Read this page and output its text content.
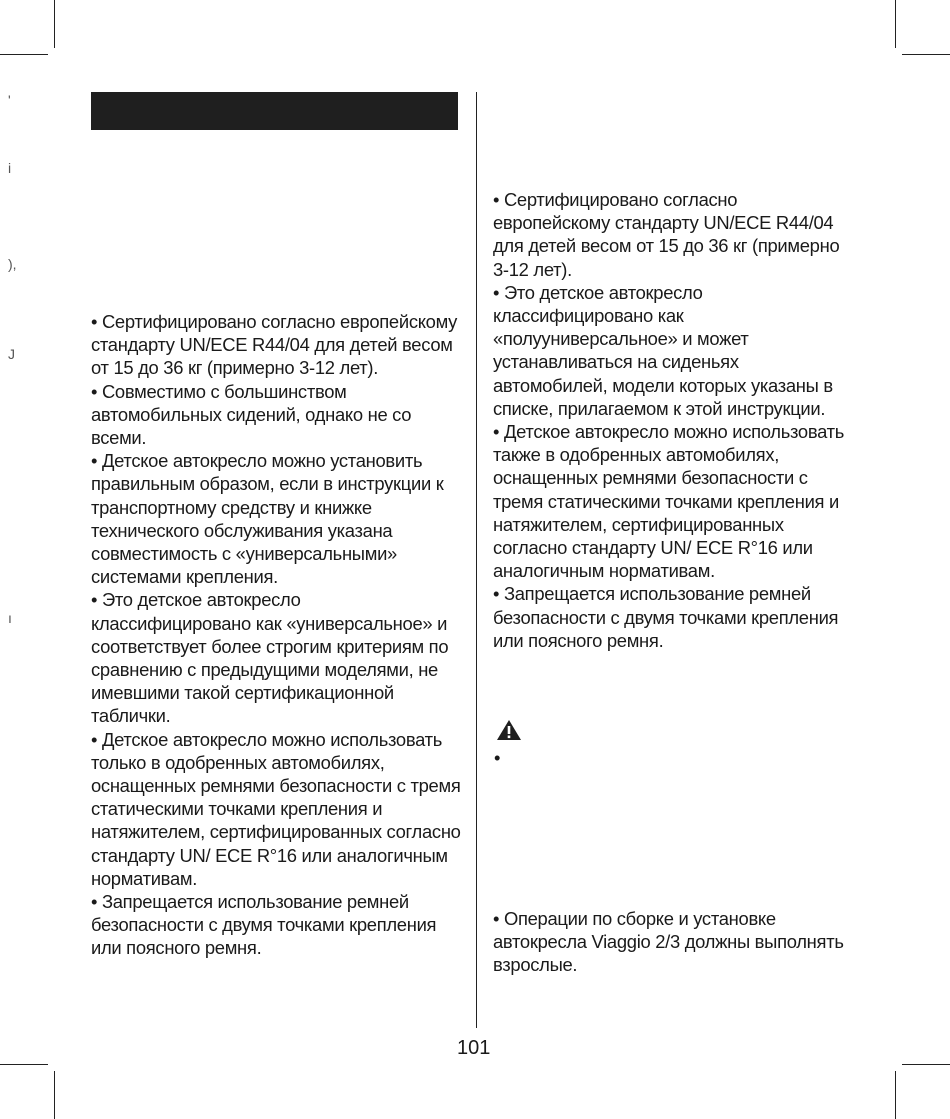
'
i
),
J
ı

• Сертифицировано согласно европейскому стандарту UN/ECE R44/04 для детей весом от 15 до 36 кг (примерно 3-12 лет).

• Совместимо с большинством автомобильных сидений, однако не со всеми.

• Детское автокресло можно установить правильным образом, если в инструкции к транспортному средству и книжке технического обслуживания указана совместимость с «универсальными» системами крепления.

• Это детское автокресло классифицировано как «универсальное» и соответствует более строгим критериям по сравнению с предыдущими моделями, не имевшими такой сертификационной таблички.

• Детское автокресло можно использовать только в одобренных автомобилях, оснащенных ремнями безопасности с тремя статическими точками крепления и натяжителем, сертифицированных согласно стандарту UN/ ECE R°16 или аналогичным нормативам.

• Запрещается использование ремней безопасности с двумя точками крепления или поясного ремня.

• Сертифицировано согласно европейскому стандарту UN/ECE R44/04 для детей весом от 15 до 36 кг (примерно 3-12 лет).

• Это детское автокресло классифицировано как «полууниверсальное» и может устанавливаться на сиденьях автомобилей, модели которых указаны в списке, прилагаемом к этой инструкции.

• Детское автокресло можно использовать также в одобренных автомобилях, оснащенных ремнями безопасности с тремя статическими точками крепления и натяжителем, сертифицированных согласно стандарту UN/ ECE R°16 или аналогичным нормативам.

• Запрещается использование ремней безопасности с двумя точками крепления или поясного ремня.

•

• Операции по сборке и установке автокресла Viaggio 2/3 должны выполнять взрослые.

101
